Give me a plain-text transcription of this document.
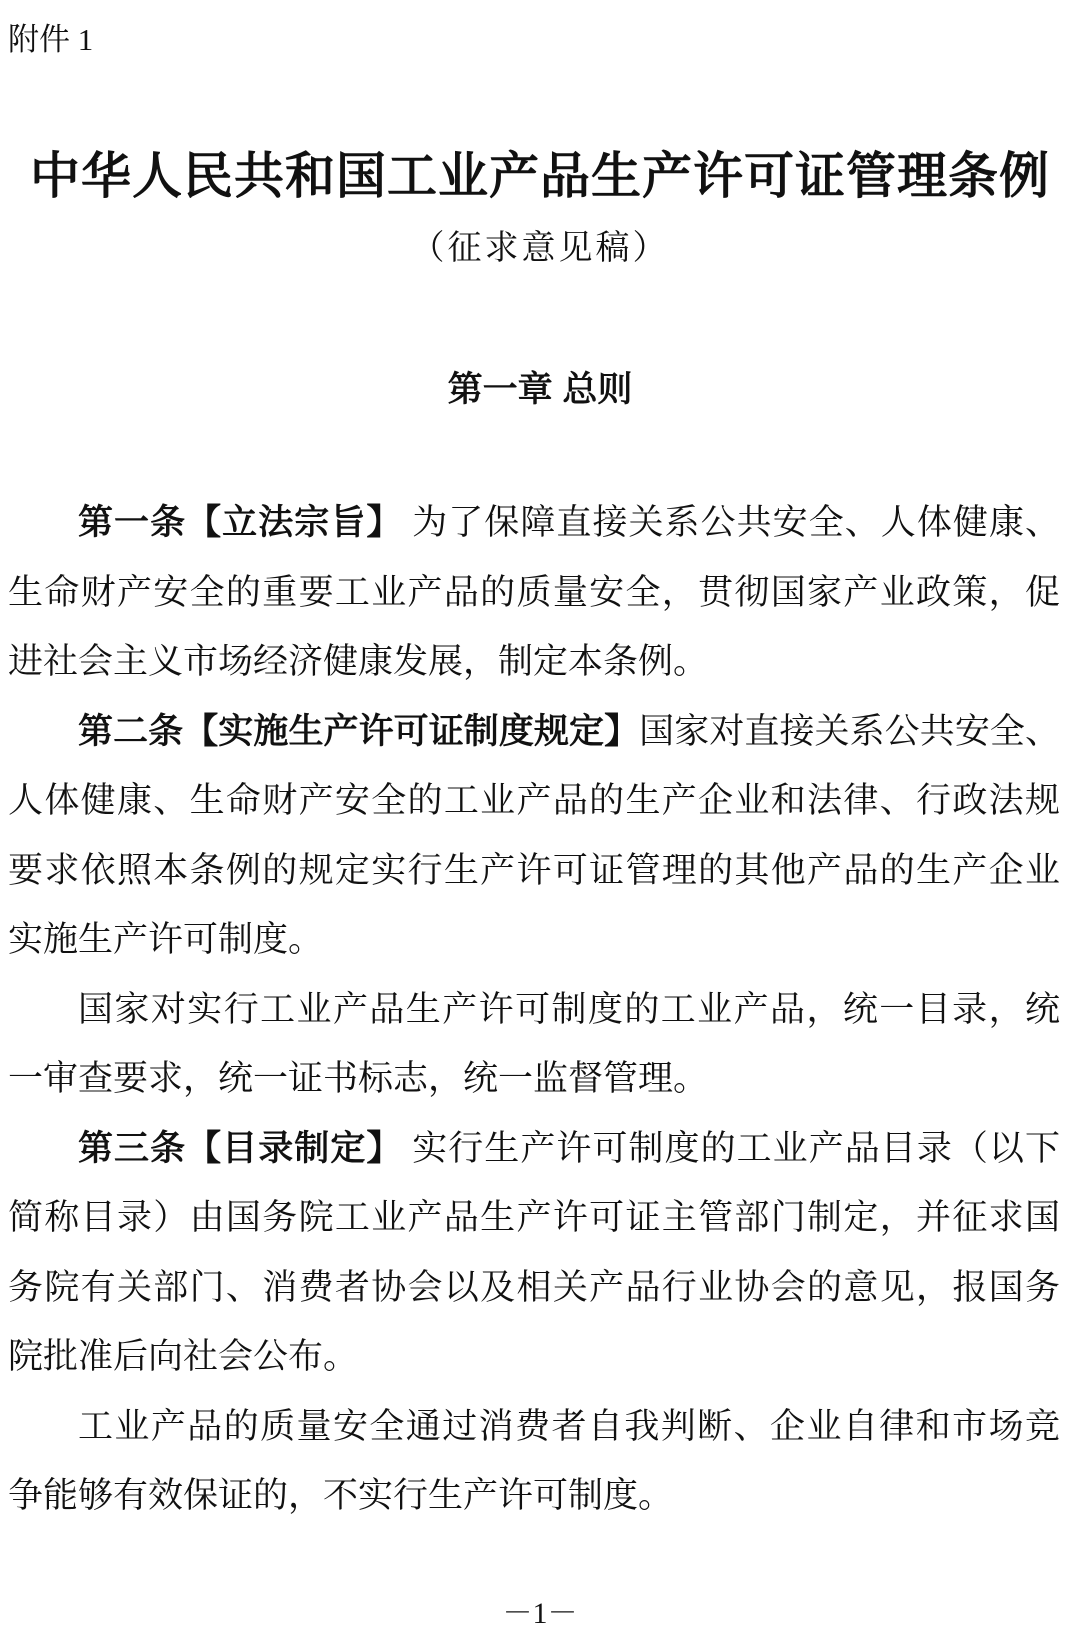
附件 1
中华人民共和国工业产品生产许可证管理条例
（征求意见稿）
第一章 总则
第一条【立法宗旨】 为了保障直接关系公共安全、人体健康、
生命财产安全的重要工业产品的质量安全，贯彻国家产业政策，促
进社会主义市场经济健康发展，制定本条例。
第二条【实施生产许可证制度规定】国家对直接关系公共安全、
人体健康、生命财产安全的工业产品的生产企业和法律、行政法规
要求依照本条例的规定实行生产许可证管理的其他产品的生产企业
实施生产许可制度。
国家对实行工业产品生产许可制度的工业产品，统一目录，统
一审查要求，统一证书标志，统一监督管理。
第三条【目录制定】 实行生产许可制度的工业产品目录（以下
简称目录）由国务院工业产品生产许可证主管部门制定，并征求国
务院有关部门、消费者协会以及相关产品行业协会的意见，报国务
院批准后向社会公布。
工业产品的质量安全通过消费者自我判断、企业自律和市场竞
争能够有效保证的，不实行生产许可制度。
－1－
